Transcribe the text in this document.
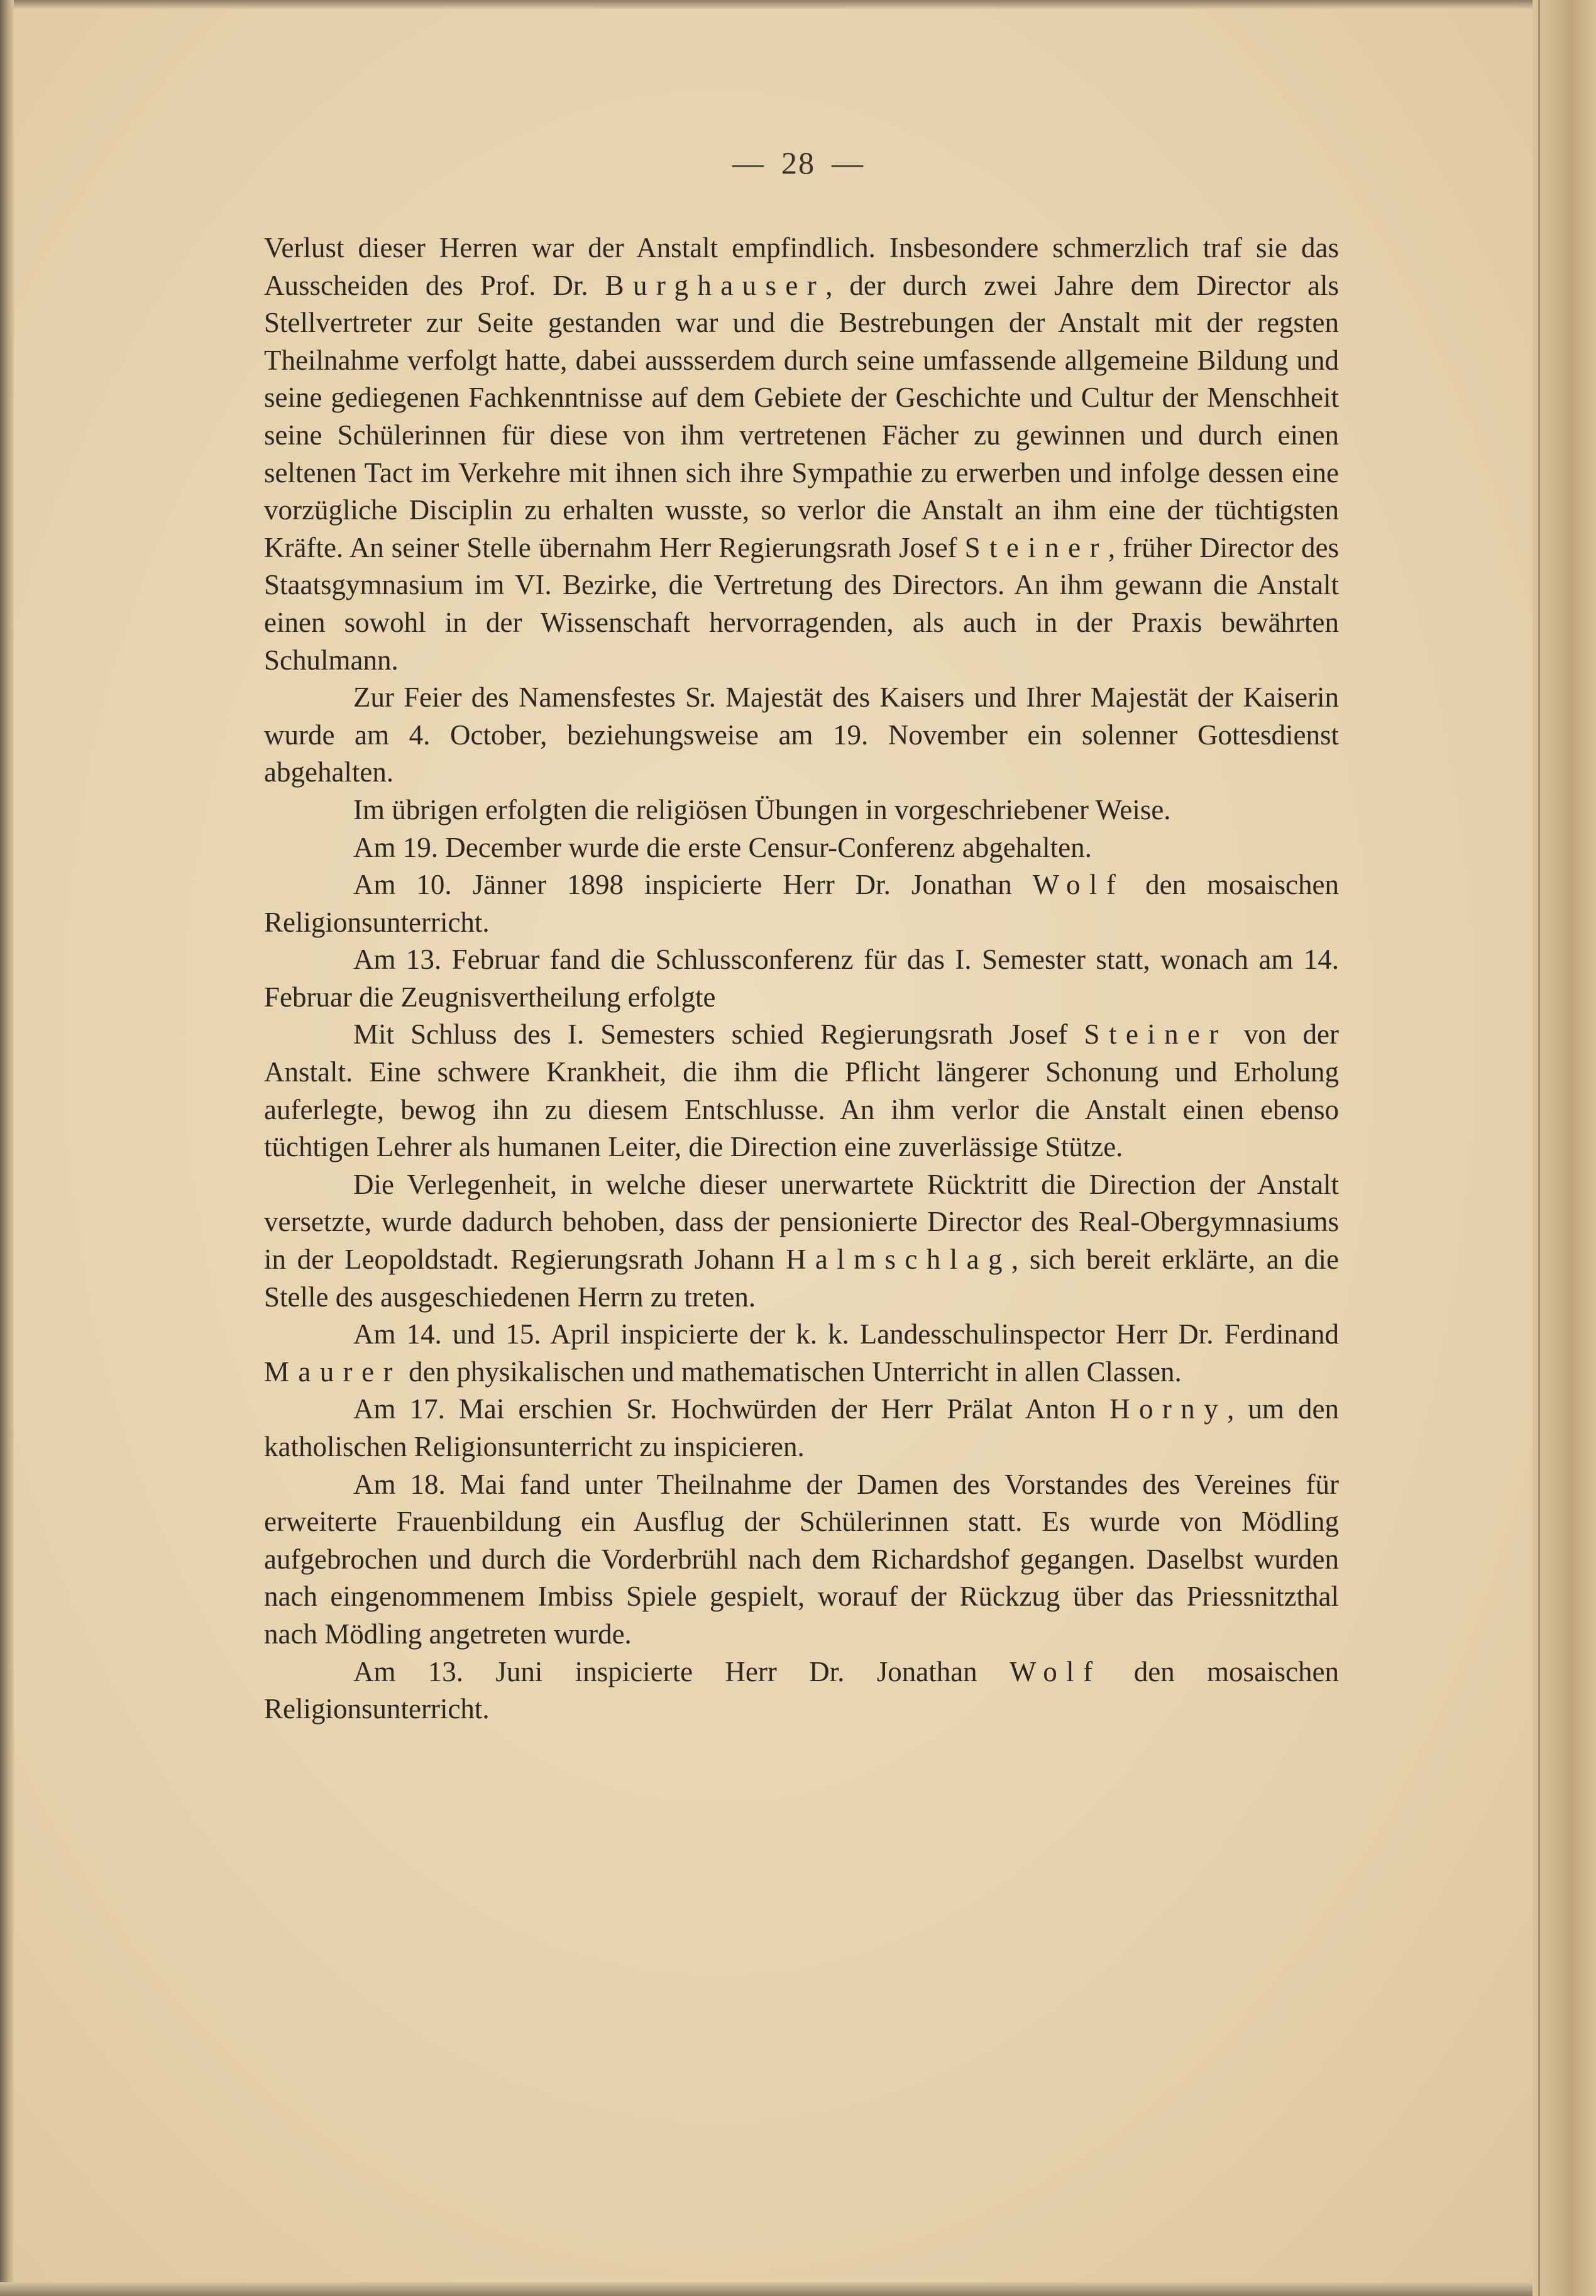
— 28 —

Verlust dieser Herren war der Anstalt empfindlich. Insbesondere schmerzlich traf sie das Ausscheiden des Prof. Dr. Burghauser, der durch zwei Jahre dem Director als Stellvertreter zur Seite gestanden war und die Bestrebungen der Anstalt mit der regsten Theilnahme verfolgt hatte, dabei aussserdem durch seine umfassende allgemeine Bildung und seine gediegenen Fachkenntnisse auf dem Gebiete der Geschichte und Cultur der Menschheit seine Schülerinnen für diese von ihm vertretenen Fächer zu gewinnen und durch einen seltenen Tact im Verkehre mit ihnen sich ihre Sympathie zu erwerben und infolge dessen eine vorzügliche Disciplin zu erhalten wusste, so verlor die Anstalt an ihm eine der tüchtigsten Kräfte. An seiner Stelle übernahm Herr Regierungsrath Josef Steiner, früher Director des Staatsgymnasium im VI. Bezirke, die Vertretung des Directors. An ihm gewann die Anstalt einen sowohl in der Wissenschaft hervorragenden, als auch in der Praxis bewährten Schulmann.

Zur Feier des Namensfestes Sr. Majestät des Kaisers und Ihrer Majestät der Kaiserin wurde am 4. October, beziehungsweise am 19. November ein solenner Gottesdienst abgehalten.

Im übrigen erfolgten die religiösen Übungen in vorgeschriebener Weise.

Am 19. December wurde die erste Censur-Conferenz abgehalten.

Am 10. Jänner 1898 inspicierte Herr Dr. Jonathan Wolf den mosaischen Religionsunterricht.

Am 13. Februar fand die Schlussconferenz für das I. Semester statt, wonach am 14. Februar die Zeugnisvertheilung erfolgte

Mit Schluss des I. Semesters schied Regierungsrath Josef Steiner von der Anstalt. Eine schwere Krankheit, die ihm die Pflicht längerer Schonung und Erholung auferlegte, bewog ihn zu diesem Entschlusse. An ihm verlor die Anstalt einen ebenso tüchtigen Lehrer als humanen Leiter, die Direction eine zuverlässige Stütze.

Die Verlegenheit, in welche dieser unerwartete Rücktritt die Direction der Anstalt versetzte, wurde dadurch behoben, dass der pensionierte Director des Real-Obergymnasiums in der Leopoldstadt. Regierungsrath Johann Halmschlag, sich bereit erklärte, an die Stelle des ausgeschiedenen Herrn zu treten.

Am 14. und 15. April inspicierte der k. k. Landesschulinspector Herr Dr. Ferdinand Maurer den physikalischen und mathematischen Unterricht in allen Classen.

Am 17. Mai erschien Sr. Hochwürden der Herr Prälat Anton Horny, um den katholischen Religionsunterricht zu inspicieren.

Am 18. Mai fand unter Theilnahme der Damen des Vorstandes des Vereines für erweiterte Frauenbildung ein Ausflug der Schülerinnen statt. Es wurde von Mödling aufgebrochen und durch die Vorderbrühl nach dem Richardshof gegangen. Daselbst wurden nach eingenommenem Imbiss Spiele gespielt, worauf der Rückzug über das Priessnitzthal nach Mödling angetreten wurde.

Am 13. Juni inspicierte Herr Dr. Jonathan Wolf den mosaischen Religionsunterricht.
